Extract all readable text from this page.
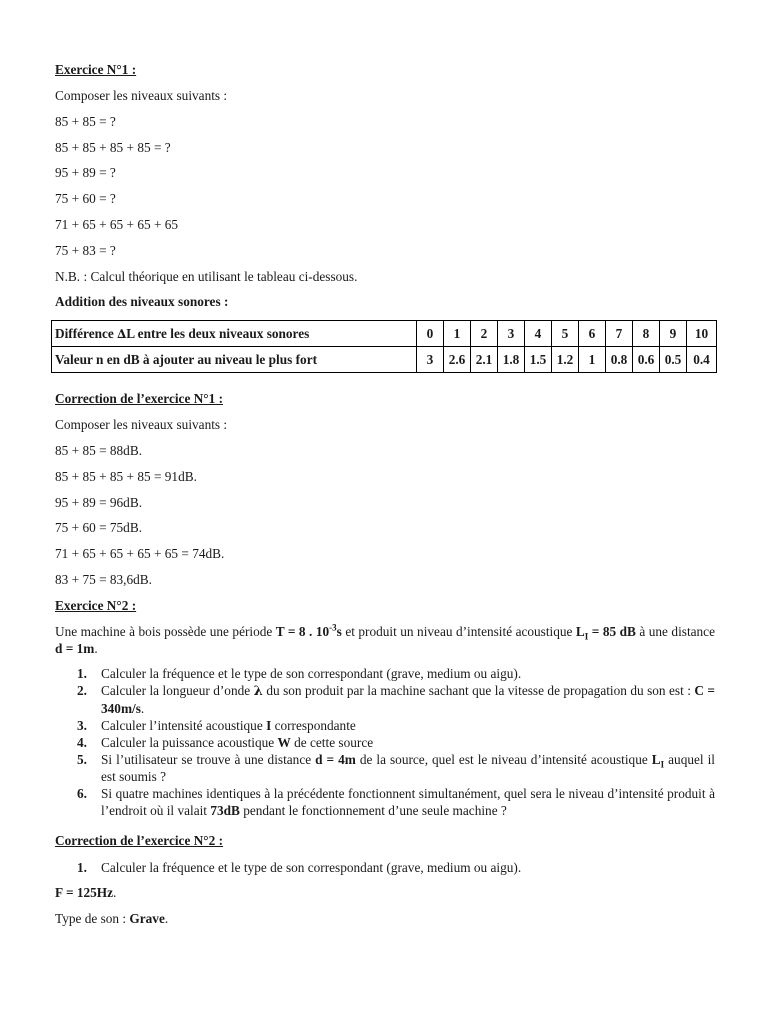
Exercice N°1 :
Composer les niveaux suivants :
85 + 85 = ?
85 + 85 + 85 + 85 = ?
95 + 89 = ?
75 + 60 = ?
71 + 65 + 65 + 65 + 65
75 + 83 = ?
N.B. : Calcul théorique en utilisant le tableau ci-dessous.
Addition des niveaux sonores :
Différence ∆L entre les deux niveaux sonores	0	1	2	3	4	5	6	7	8	9	10
Valeur n en dB à ajouter au niveau le plus fort	3	2.6	2.1	1.8	1.5	1.2	1	0.8	0.6	0.5	0.4
Correction de l’exercice N°1 :
Composer les niveaux suivants :
85 + 85 = 88dB.
85 + 85 + 85 + 85 = 91dB.
95 + 89 = 96dB.
75 + 60 = 75dB.
71 + 65 + 65 + 65 + 65 = 74dB.
83 + 75 = 83,6dB.
Exercice N°2 :
Une machine à bois possède une période T = 8 . $10^{-3}s$ et produit un niveau d’intensité acoustique $L_I = 85$ dB à une distance d = 1m.
1. Calculer la fréquence et le type de son correspondant (grave, medium ou aigu).
2. Calculer la longueur d’onde λ du son produit par la machine sachant que la vitesse de propagation du son est : C = 340m/s.
3. Calculer l’intensité acoustique I correspondante
4. Calculer la puissance acoustique W de cette source
5. Si l’utilisateur se trouve à une distance d = 4m de la source, quel est le niveau d’intensité acoustique $L_I$ auquel il est soumis ?
6. Si quatre machines identiques à la précédente fonctionnent simultanément, quel sera le niveau d’intensité produit à l’endroit où il valait 73dB pendant le fonctionnement d’une seule machine ?
Correction de l’exercice N°2 :
1. Calculer la fréquence et le type de son correspondant (grave, medium ou aigu).
F = 125Hz.
Type de son : Grave.
